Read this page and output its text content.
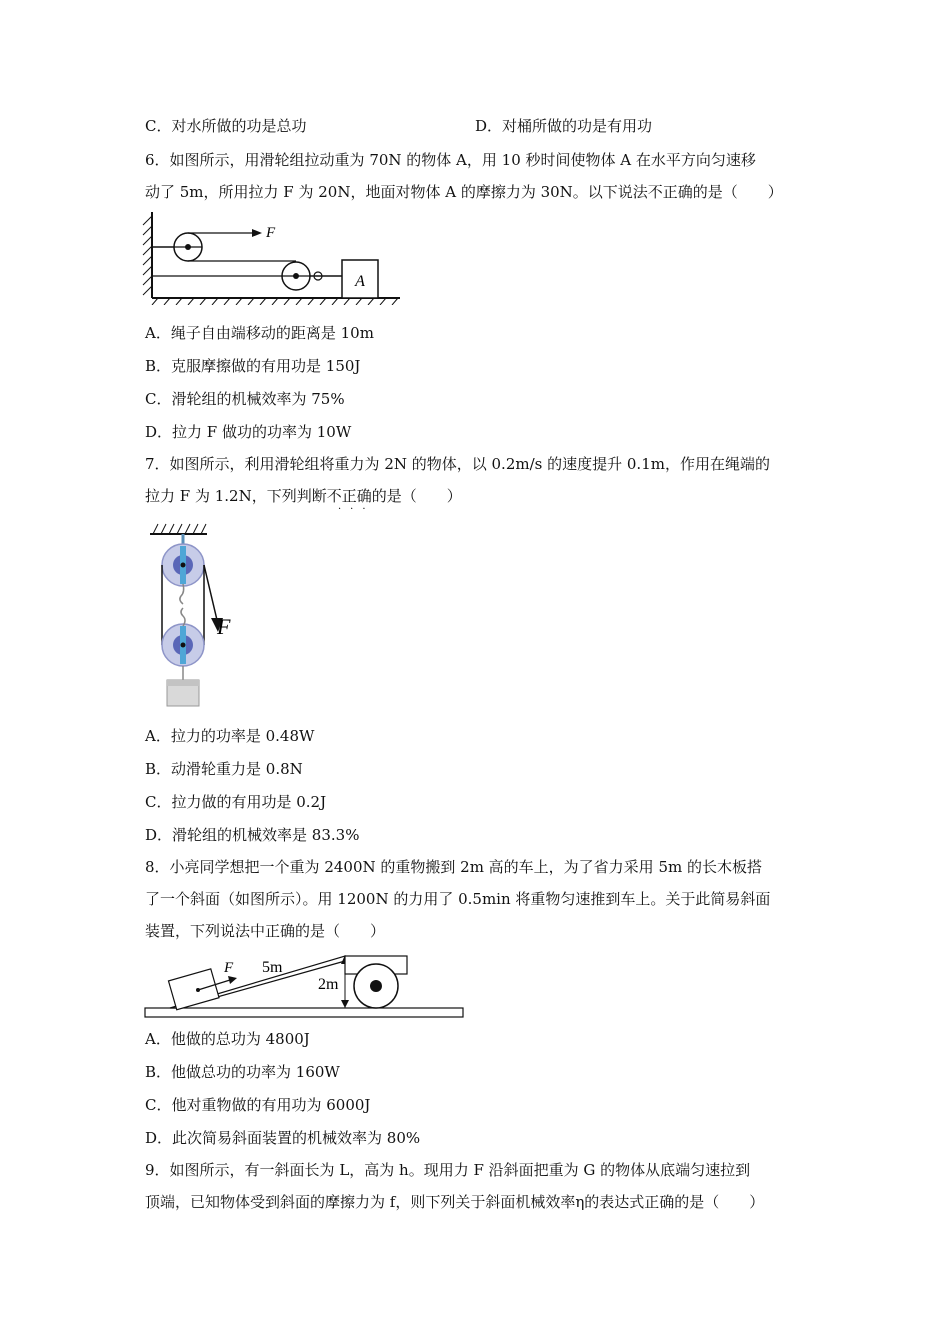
C．对水所做的功是总功	D．对桶所做的功是有用功
6．如图所示，用滑轮组拉动重为 70N 的物体 A，用 10 秒时间使物体 A 在水平方向匀速移
动了 5m，所用拉力 F 为 20N，地面对物体 A 的摩擦力为 30N。以下说法不正确的是（　　）
A
F
A．绳子自由端移动的距离是 10m
B．克服摩擦做的有用功是 150J
C．滑轮组的机械效率为 75%
D．拉力 F 做功的功率为 10W
7．如图所示，利用滑轮组将重力为 2N 的物体，以 0.2m/s 的速度提升 0.1m，作用在绳端的
拉力 F 为 1.2N，下列判断不正确的是（　　）
···
F
A．拉力的功率是 0.48W
B．动滑轮重力是 0.8N
C．拉力做的有用功是 0.2J
D．滑轮组的机械效率是 83.3%
8．小亮同学想把一个重为 2400N 的重物搬到 2m 高的车上，为了省力采用 5m 的长木板搭
了一个斜面（如图所示）。用 1200N 的力用了 0.5min 将重物匀速推到车上。关于此简易斜面
装置，下列说法中正确的是（　　）
F 5m
2m
A．他做的总功为 4800J
B．他做总功的功率为 160W
C．他对重物做的有用功为 6000J
D．此次简易斜面装置的机械效率为 80%
9．如图所示，有一斜面长为 L，高为 h。现用力 F 沿斜面把重为 G 的物体从底端匀速拉到
顶端，已知物体受到斜面的摩擦力为 f，则下列关于斜面机械效率η的表达式正确的是（　　）
